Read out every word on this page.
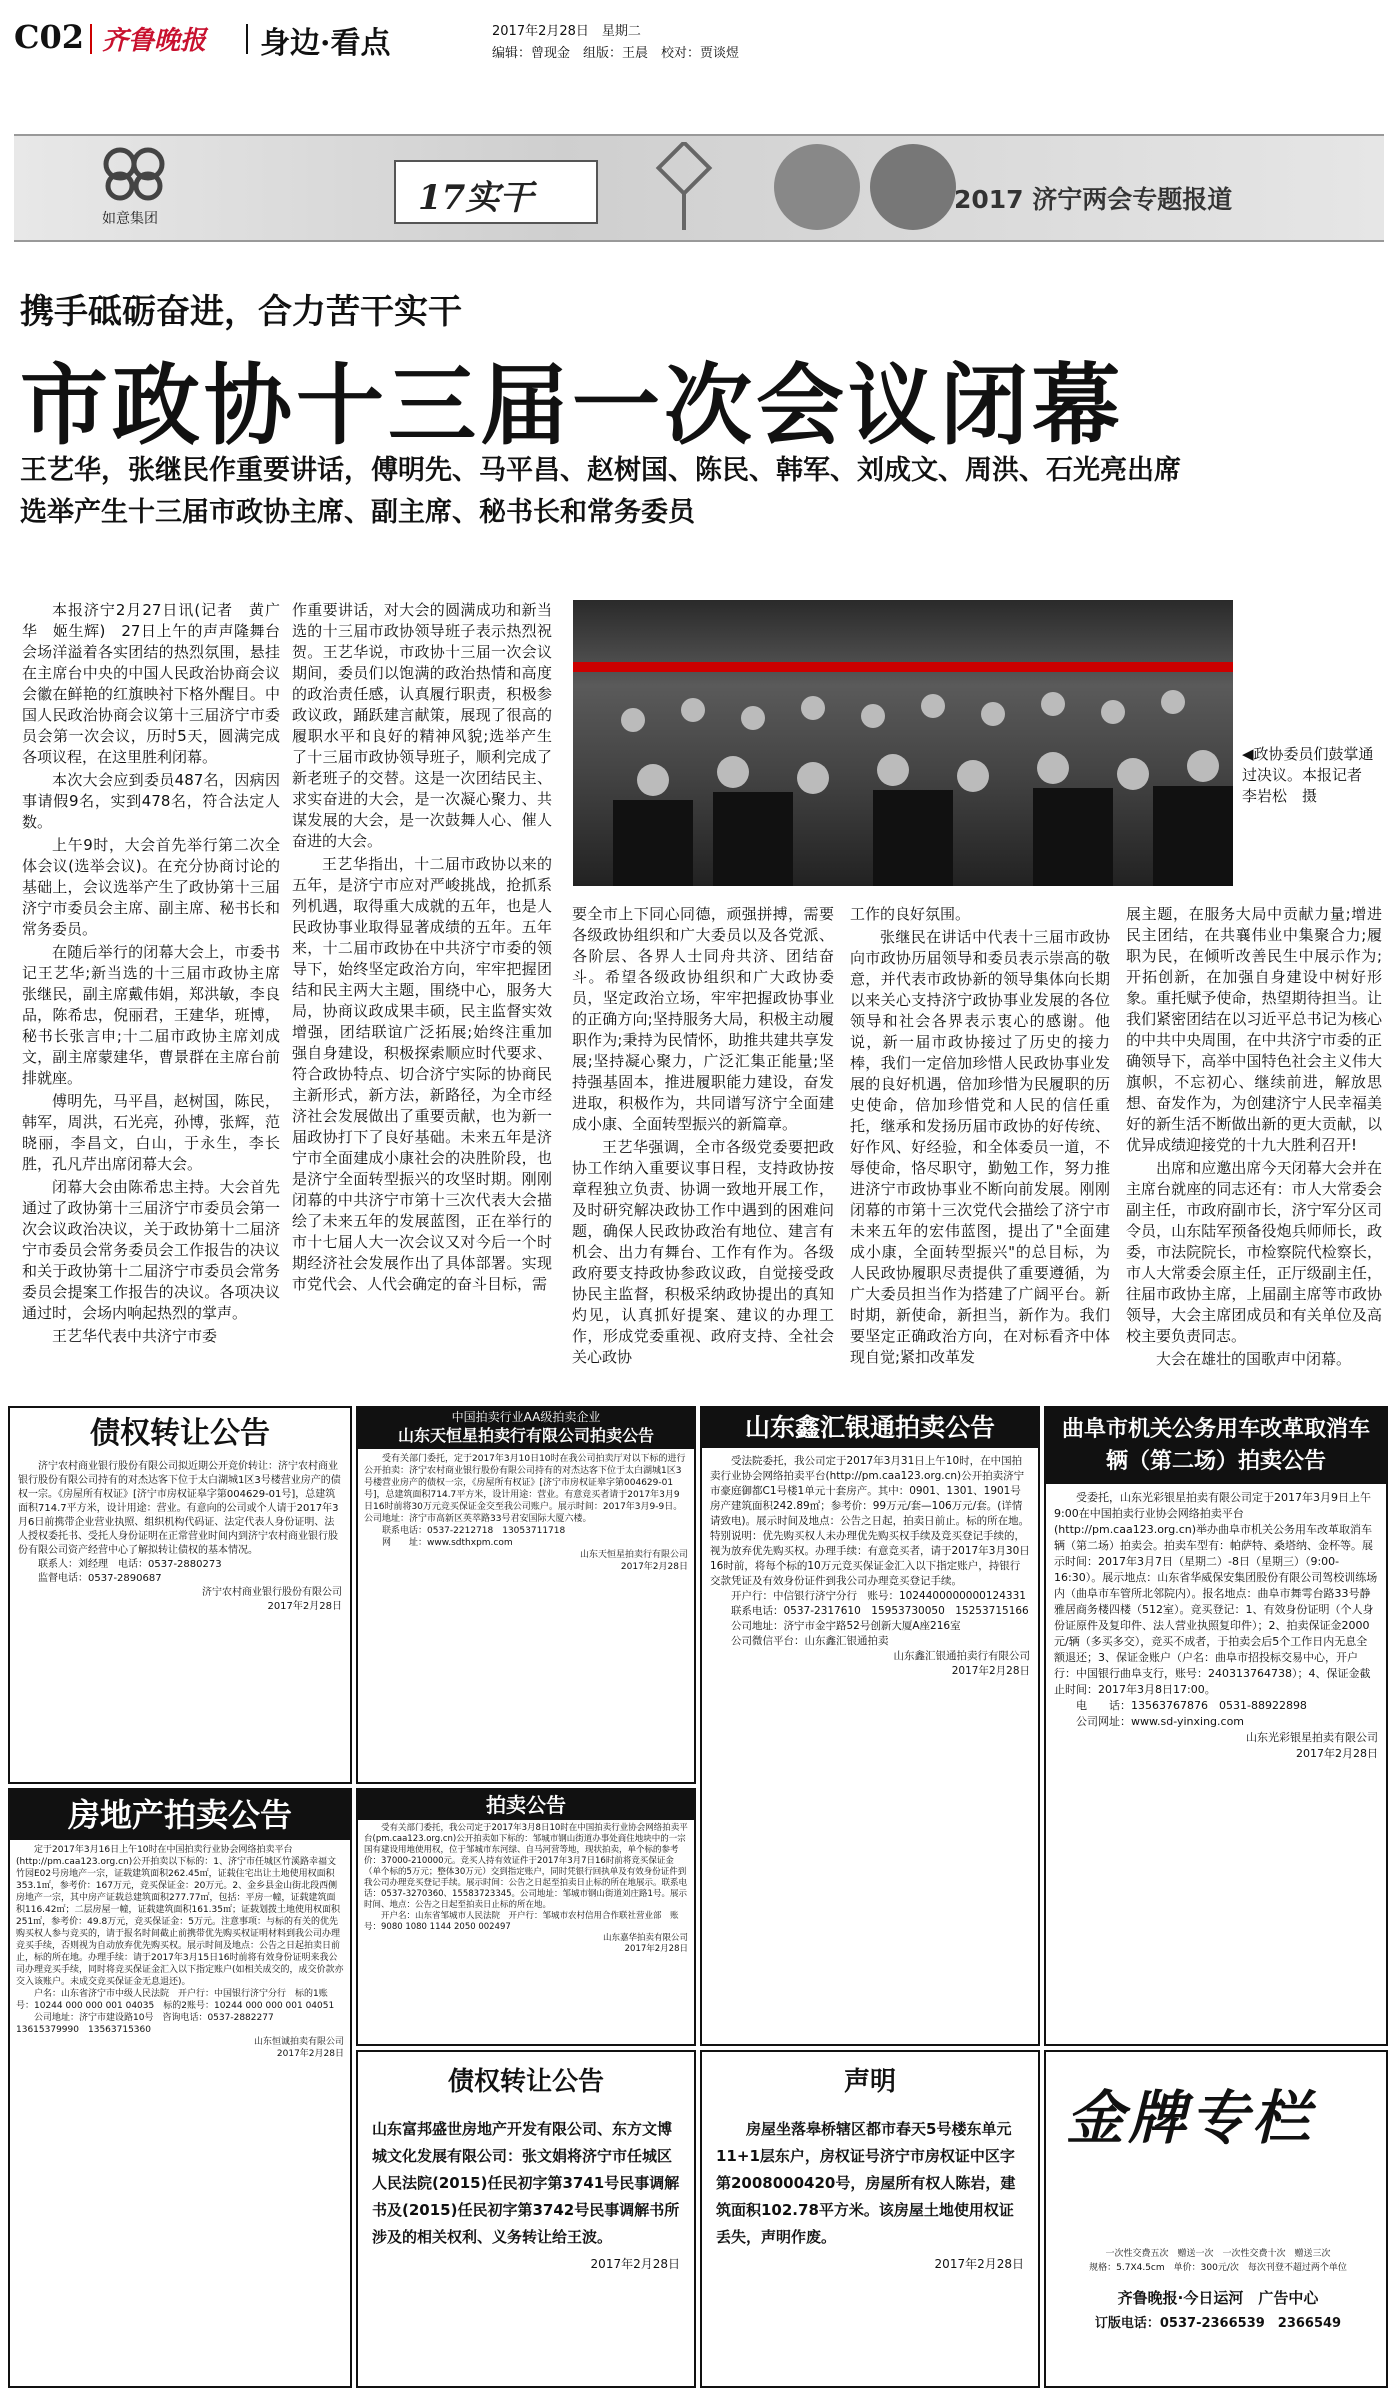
C02 齐鲁晚报 身边·看点	2017年2月28日　星期二
编辑：曾现金　组版：王晨　校对：贾谈煜
如意集团
17实干	2017 济宁两会专题报道
携手砥砺奋进，合力苦干实干
市政协十三届一次会议闭幕
王艺华，张继民作重要讲话，傅明先、马平昌、赵树国、陈民、韩军、刘成文、周洪、石光亮出席
选举产生十三届市政协主席、副主席、秘书长和常务委员
◀政协委员们鼓掌通过决议。本报记者　李岩松　摄

本报济宁2月27日讯(记者　黄广华　姬生辉)　27日上午的声声隆舞台会场洋溢着各实团结的热烈氛围，悬挂在主席台中央的中国人民政治协商会议会徽在鲜艳的红旗映衬下格外醒目。中国人民政治协商会议第十三届济宁市委员会第一次会议，历时5天，圆满完成各项议程，在这里胜利闭幕。

本次大会应到委员487名，因病因事请假9名，实到478名，符合法定人数。

上午9时，大会首先举行第二次全体会议(选举会议)。在充分协商讨论的基础上，会议选举产生了政协第十三届济宁市委员会主席、副主席、秘书长和常务委员。

在随后举行的闭幕大会上，市委书记王艺华;新当选的十三届市政协主席张继民，副主席戴伟娟，郑洪敏，李良品，陈希忠，倪丽君，王建华，班博，秘书长张言申;十二届市政协主席刘成文，副主席蒙建华，曹景群在主席台前排就座。

傅明先，马平昌，赵树国，陈民，韩军，周洪，石光亮，孙博，张辉，范晓丽，李昌文，白山，于永生，李长胜，孔凡芹出席闭幕大会。

闭幕大会由陈希忠主持。大会首先通过了政协第十三届济宁市委员会第一次会议政治决议，关于政协第十二届济宁市委员会常务委员会工作报告的决议和关于政协第十二届济宁市委员会常务委员会提案工作报告的决议。各项决议通过时，会场内响起热烈的掌声。

王艺华代表中共济宁市委

作重要讲话，对大会的圆满成功和新当选的十三届市政协领导班子表示热烈祝贺。王艺华说，市政协十三届一次会议期间，委员们以饱满的政治热情和高度的政治责任感，认真履行职责，积极参政议政，踊跃建言献策，展现了很高的履职水平和良好的精神风貌;选举产生了十三届市政协领导班子，顺利完成了新老班子的交替。这是一次团结民主、求实奋进的大会，是一次凝心聚力、共谋发展的大会，是一次鼓舞人心、催人奋进的大会。

王艺华指出，十二届市政协以来的五年，是济宁市应对严峻挑战，抢抓系列机遇，取得重大成就的五年，也是人民政协事业取得显著成绩的五年。五年来，十二届市政协在中共济宁市委的领导下，始终坚定政治方向，牢牢把握团结和民主两大主题，围绕中心，服务大局，协商议政成果丰硕，民主监督实效增强，团结联谊广泛拓展;始终注重加强自身建设，积极探索顺应时代要求、符合政协特点、切合济宁实际的协商民主新形式，新方法，新路径，为全市经济社会发展做出了重要贡献，也为新一届政协打下了良好基础。未来五年是济宁市全面建成小康社会的决胜阶段，也是济宁全面转型振兴的攻坚时期。刚刚闭幕的中共济宁市第十三次代表大会描绘了未来五年的发展蓝图，正在举行的市十七届人大一次会议又对今后一个时期经济社会发展作出了具体部署。实现市党代会、人代会确定的奋斗目标，需

要全市上下同心同德，顽强拼搏，需要各级政协组织和广大委员以及各党派、各阶层、各界人士同舟共济、团结奋斗。希望各级政协组织和广大政协委员，坚定政治立场，牢牢把握政协事业的正确方向;坚持服务大局，积极主动履职作为;秉持为民情怀，助推共建共享发展;坚持凝心聚力，广泛汇集正能量;坚持强基固本，推进履职能力建设，奋发进取，积极作为，共同谱写济宁全面建成小康、全面转型振兴的新篇章。

王艺华强调，全市各级党委要把政协工作纳入重要议事日程，支持政协按章程独立负责、协调一致地开展工作，及时研究解决政协工作中遇到的困难问题，确保人民政协政治有地位、建言有机会、出力有舞台、工作有作为。各级政府要支持政协参政议政，自觉接受政协民主监督，积极采纳政协提出的真知灼见，认真抓好提案、建议的办理工作，形成党委重视、政府支持、全社会关心政协

工作的良好氛围。

张继民在讲话中代表十三届市政协向市政协历届领导和委员表示崇高的敬意，并代表市政协新的领导集体向长期以来关心支持济宁政协事业发展的各位领导和社会各界表示衷心的感谢。他说，新一届市政协接过了历史的接力棒，我们一定倍加珍惜人民政协事业发展的良好机遇，倍加珍惜为民履职的历史使命，倍加珍惜党和人民的信任重托，继承和发扬历届市政协的好传统、好作风、好经验，和全体委员一道，不辱使命，恪尽职守，勤勉工作，努力推进济宁市政协事业不断向前发展。刚刚闭幕的市第十三次党代会描绘了济宁市未来五年的宏伟蓝图，提出了"全面建成小康，全面转型振兴"的总目标，为人民政协履职尽责提供了重要遵循，为广大委员担当作为搭建了广阔平台。新时期，新使命，新担当，新作为。我们要坚定正确政治方向，在对标看齐中体现自觉;紧扣改革发

展主题，在服务大局中贡献力量;增进民主团结，在共襄伟业中集聚合力;履职为民，在倾听改善民生中展示作为;开拓创新，在加强自身建设中树好形象。重托赋予使命，热望期待担当。让我们紧密团结在以习近平总书记为核心的中共中央周围，在中共济宁市委的正确领导下，高举中国特色社会主义伟大旗帜，不忘初心、继续前进，解放思想、奋发作为，为创建济宁人民幸福美好的新生活不断做出新的更大贡献，以优异成绩迎接党的十九大胜利召开!

出席和应邀出席今天闭幕大会并在主席台就座的同志还有：市人大常委会副主任，市政府副市长，济宁军分区司令员，山东陆军预备役炮兵师师长，政委，市法院院长，市检察院代检察长，市人大常委会原主任，正厅级副主任，往届市政协主席，上届副主席等市政协领导，大会主席团成员和有关单位及高校主要负责同志。

大会在雄壮的国歌声中闭幕。

债权转让公告

济宁农村商业银行股份有限公司拟近期公开竞价转让：济宁农村商业银行股份有限公司持有的对杰达客下位于太白湖城1区3号楼营业房产的债权一宗。《房屋所有权证》[济宁市房权证皋字第004629-01号]，总建筑面积714.7平方米，设计用途：营业。有意向的公司或个人请于2017年3月6日前携带企业营业执照、组织机构代码证、法定代表人身份证明、法人授权委托书、受托人身份证明在正常营业时间内到济宁农村商业银行股份有限公司资产经营中心了解拟转让债权的基本情况。

联系人：刘经理　电话：0537-2880273

监督电话：0537-2890687

济宁农村商业银行股份有限公司

2017年2月28日

中国拍卖行业AA级拍卖企业
山东天恒星拍卖行有限公司拍卖公告

受有关部门委托，定于2017年3月10日10时在我公司拍卖厅对以下标的进行公开拍卖：济宁农村商业银行股份有限公司持有的对杰达客下位于太白湖城1区3号楼营业房产的债权一宗，《房屋所有权证》[济宁市房权证皋字第004629-01号]，总建筑面积714.7平方米，设计用途：营业。有意竞买者请于2017年3月9日16时前将30万元竞买保证金交至我公司账户。展示时间：2017年3月9-9日。公司地址：济宁市高新区英萃路33号君安国际大厦六楼。

联系电话：0537-2212718　13053711718

网　　址：www.sdthxpm.com

山东天恒星拍卖行有限公司

2017年2月28日

山东鑫汇银通拍卖公告

受法院委托，我公司定于2017年3月31日上午10时，在中国拍卖行业协会网络拍卖平台(http://pm.caa123.org.cn)公开拍卖济宁市豪庭御都C1号楼1单元十套房产。其中：0901、1301、1901号房产建筑面积242.89㎡；参考价：99万元/套—106万元/套。(详情请致电)。展示时间及地点：公告之日起，拍卖日前止。标的所在地。特别说明：优先购买权人未办理优先购买权手续及竞买登记手续的，视为放弃优先购买权。办理手续：有意竞买者，请于2017年3月30日16时前，将每个标的10万元竞买保证金汇入以下指定账户，持银行交款凭证及有效身份证件到我公司办理竞买登记手续。

开户行：中信银行济宁分行　账号：1024400000000124331

联系电话：0537-2317610　15953730050　15253715166

公司地址：济宁市金宇路52号创新大厦A座216室

公司微信平台：山东鑫汇银通拍卖

山东鑫汇银通拍卖行有限公司

2017年2月28日

曲阜市机关公务用车改革取消车辆（第二场）拍卖公告

受委托，山东光彩银星拍卖有限公司定于2017年3月9日上午9:00在中国拍卖行业协会网络拍卖平台(http://pm.caa123.org.cn)举办曲阜市机关公务用车改革取消车辆（第二场）拍卖会。拍卖车型有：帕萨特、桑塔纳、金杯等。展示时间：2017年3月7日（星期二）-8日（星期三）（9:00-16:30）。展示地点：山东省华威保安集团股份有限公司驾校训练场内（曲阜市车管所北邻院内）。报名地点：曲阜市舞雩台路33号静雅居商务楼四楼（512室）。竞买登记：1、有效身份证明（个人身份证原件及复印件、法人营业执照复印件）；2、拍卖保证金2000元/辆（多买多交），竞买不成者，于拍卖会后5个工作日内无息全额退还；3、保证金账户（户名：曲阜市招投标交易中心，开户行：中国银行曲阜支行，账号：240313764738）；4、保证金截止时间：2017年3月8日17:00。

电　　话：13563767876　0531-88922898

公司网址：www.sd-yinxing.com

山东光彩银星拍卖有限公司

2017年2月28日

房地产拍卖公告

定于2017年3月16日上午10时在中国拍卖行业协会网络拍卖平台(http://pm.caa123.org.cn)公开拍卖以下标的：1、济宁市任城区竹溪路幸福文竹园E02号房地产一宗，证载建筑面积262.45㎡，证载住宅出让土地使用权面积353.1㎡，参考价：167万元，竞买保证金：20万元。2、金乡县金山街北段西侧房地产一宗，其中房产证载总建筑面积277.77㎡，包括：平房一幢，证载建筑面积116.42㎡；二层房屋一幢，证载建筑面积161.35㎡；证载划拨土地使用权面积251㎡，参考价：49.8万元，竞买保证金：5万元。注意事项：与标的有关的优先购买权人参与竞买的，请于报名时间截止前携带优先购买权证明材料到我公司办理竞买手续，否则视为自动放弃优先购买权。展示时间及地点：公告之日起拍卖日前止，标的所在地。办理手续：请于2017年3月15日16时前将有效身份证明来我公司办理竞买手续，同时将竞买保证金汇入以下指定账户(如相关成交的，成交价款亦交入该账户。未成交竞买保证金无息退还)。

户名：山东省济宁市中级人民法院　开户行：中国银行济宁分行　标的1账号：10244 000 000 001 04035　标的2账号：10244 000 000 001 04051

公司地址：济宁市建设路10号　咨询电话：0537-2882277　13615379990　13563715360

山东恒诚拍卖有限公司

2017年2月28日

拍卖公告

受有关部门委托，我公司定于2017年3月8日10时在中国拍卖行业协会网络拍卖平台(pm.caa123.org.cn)公开拍卖如下标的：邹城市钢山街道办事处商住地块中的一宗国有建设用地使用权，位于邹城市东河绿、自马河营等地，现状拍卖，单个标的参考价：37000-210000元。竞买人持有效证件于2017年3月7日16时前将竞买保证金（单个标的5万元；整体30万元）交到指定账户，同时凭银行回执单及有效身份证件到我公司办理竞买登记手续。展示时间：公告之日起至拍卖日止标的所在地展示。联系电话：0537-3270360、15583723345。公司地址：邹城市钢山街道刘庄路1号。展示时间、地点：公告之日起至拍卖日止标的所在地。

开户名：山东省邹城市人民法院　开户行：邹城市农村信用合作联社营业部　账号：9080 1080 1144 2050 002497

山东嘉华拍卖有限公司

2017年2月28日

债权转让公告

山东富邦盛世房地产开发有限公司、东方文博城文化发展有限公司：张文娟将济宁市任城区人民法院(2015)任民初字第3741号民事调解书及(2015)任民初字第3742号民事调解书所涉及的相关权利、义务转让给王波。

2017年2月28日

声明

房屋坐落皋桥辖区都市春天5号楼东单元11+1层东户，房权证号济宁市房权证中区字第2008000420号，房屋所有权人陈岩，建筑面积102.78平方米。该房屋土地使用权证丢失，声明作废。

2017年2月28日

金牌专栏
一次性交费五次　赠送一次　一次性交费十次　赠送三次
规格：5.7X4.5cm　单价：300元/次　每次刊登不超过两个单位
齐鲁晚报·今日运河　广告中心
订版电话：0537-2366539　2366549
